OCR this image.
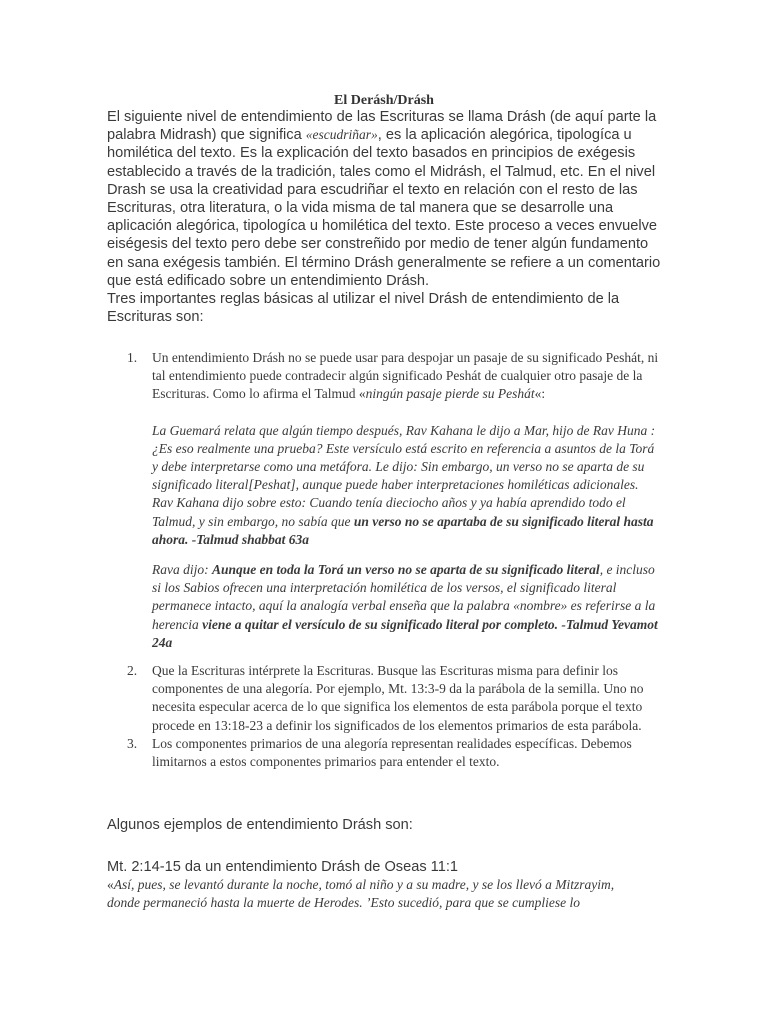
El Derásh/Drásh

El siguiente nivel de entendimiento de las Escrituras se llama Drásh (de aquí parte la palabra Midrash) que significa «escudriñar», es la aplicación alegórica, tipologíca u homilética del texto. Es la explicación del texto basados en principios de exégesis establecido a través de la tradición, tales como el Midrásh, el Talmud, etc. En el nivel Drash se usa la creatividad para escudriñar el texto en relación con el resto de las Escrituras, otra literatura, o la vida misma de tal manera que se desarrolle una aplicación alegórica, tipologíca u homilética del texto. Este proceso a veces envuelve eiségesis del texto pero debe ser constreñido por medio de tener algún fundamento en sana exégesis también. El término Drásh generalmente se refiere a un comentario que está edificado sobre un entendimiento Drásh.

Tres importantes reglas básicas al utilizar el nivel Drásh de entendimiento de la Escrituras son:

1. Un entendimiento Drásh no se puede usar para despojar un pasaje de su significado Peshát, ni tal entendimiento puede contradecir algún significado Peshát de cualquier otro pasaje de la Escrituras. Como lo afirma el Talmud «ningún pasaje pierde su Peshát«:
La Guemará relata que algún tiempo después, Rav Kahana le dijo a Mar, hijo de Rav Huna : ¿Es eso realmente una prueba? Este versículo está escrito en referencia a asuntos de la Torá y debe interpretarse como una metáfora. Le dijo: Sin embargo, un verso no se aparta de su significado literal[Peshat], aunque puede haber interpretaciones homiléticas adicionales. Rav Kahana dijo sobre esto: Cuando tenía dieciocho años y ya había aprendido todo el Talmud, y sin embargo, no sabía que un verso no se apartaba de su significado literal hasta ahora. -Talmud shabbat 63a
Rava dijo: Aunque en toda la Torá un verso no se aparta de su significado literal, e incluso si los Sabios ofrecen una interpretación homilética de los versos, el significado literal permanece intacto, aquí la analogía verbal enseña que la palabra «nombre» es referirse a la herencia viene a quitar el versículo de su significado literal por completo. -Talmud Yevamot 24a
2. Que la Escrituras intérprete la Escrituras. Busque las Escrituras misma para definir los componentes de una alegoría. Por ejemplo, Mt. 13:3-9 da la parábola de la semilla. Uno no necesita especular acerca de lo que significa los elementos de esta parábola porque el texto procede en 13:18-23 a definir los significados de los elementos primarios de esta parábola.
3. Los componentes primarios de una alegoría representan realidades específicas. Debemos limitarnos a estos componentes primarios para entender el texto.

Algunos ejemplos de entendimiento Drásh son:

Mt. 2:14-15 da un entendimiento Drásh de Oseas 11:1

«Así, pues, se levantó durante la noche, tomó al niño y a su madre, y se los llevó a Mitzrayim,
donde permaneció hasta la muerte de Herodes. ’Esto sucedió, para que se cumpliese lo
